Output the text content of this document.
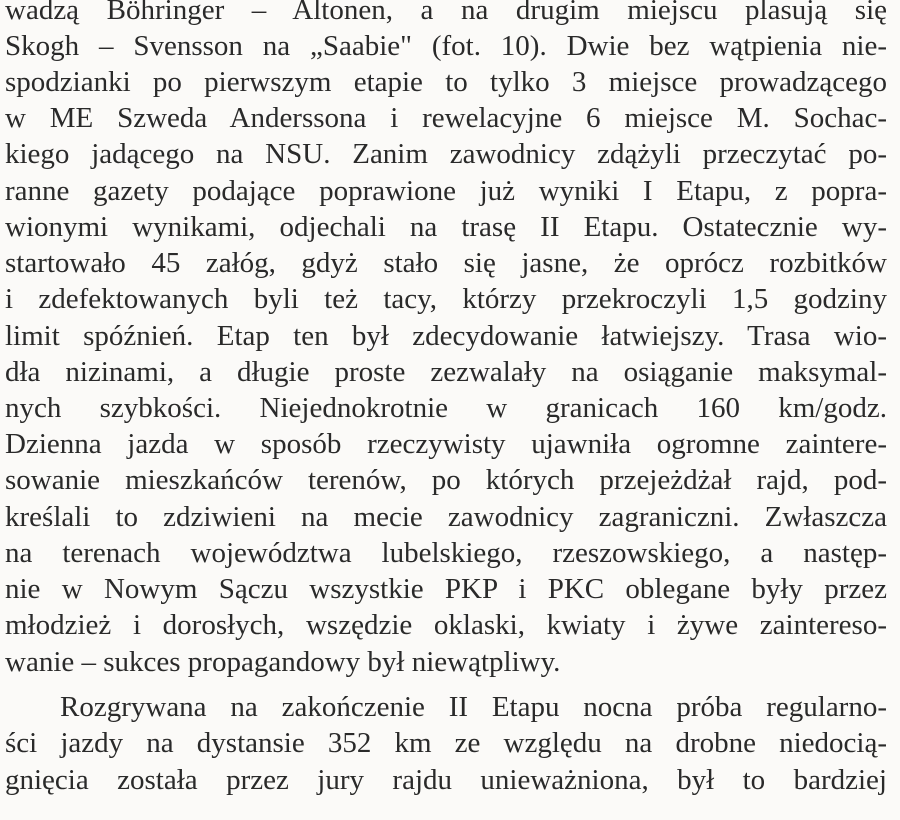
wadzą Böhringer – Altonen, a na drugim miejscu plasują się
Skogh – Svensson na „Saabie" (fot. 10). Dwie bez wątpienia nie-
spodzianki po pierwszym etapie to tylko 3 miejsce prowadzącego
w ME Szweda Anderssona i rewelacyjne 6 miejsce M. Sochac-
kiego jadącego na NSU. Zanim zawodnicy zdążyli przeczytać po-
ranne gazety podające poprawione już wyniki I Etapu, z popra-
wionymi wynikami, odjechali na trasę II Etapu. Ostatecznie wy-
startowało 45 załóg, gdyż stało się jasne, że oprócz rozbitków
i zdefektowanych byli też tacy, którzy przekroczyli 1,5 godziny
limit spóźnień. Etap ten był zdecydowanie łatwiejszy. Trasa wio-
dła nizinami, a długie proste zezwalały na osiąganie maksymal-
nych szybkości. Niejednokrotnie w granicach 160 km/godz.
Dzienna jazda w sposób rzeczywisty ujawniła ogromne zaintere-
sowanie mieszkańców terenów, po których przejeżdżał rajd, pod-
kreślali to zdziwieni na mecie zawodnicy zagraniczni. Zwłaszcza
na terenach województwa lubelskiego, rzeszowskiego, a następ-
nie w Nowym Sączu wszystkie PKP i PKC oblegane były przez
młodzież i dorosłych, wszędzie oklaski, kwiaty i żywe zaintereso-
wanie – sukces propagandowy był niewątpliwy.
Rozgrywana na zakończenie II Etapu nocna próba regularno-
ści jazdy na dystansie 352 km ze względu na drobne niedocią-
gnięcia została przez jury rajdu unieważniona, był to bardziej
